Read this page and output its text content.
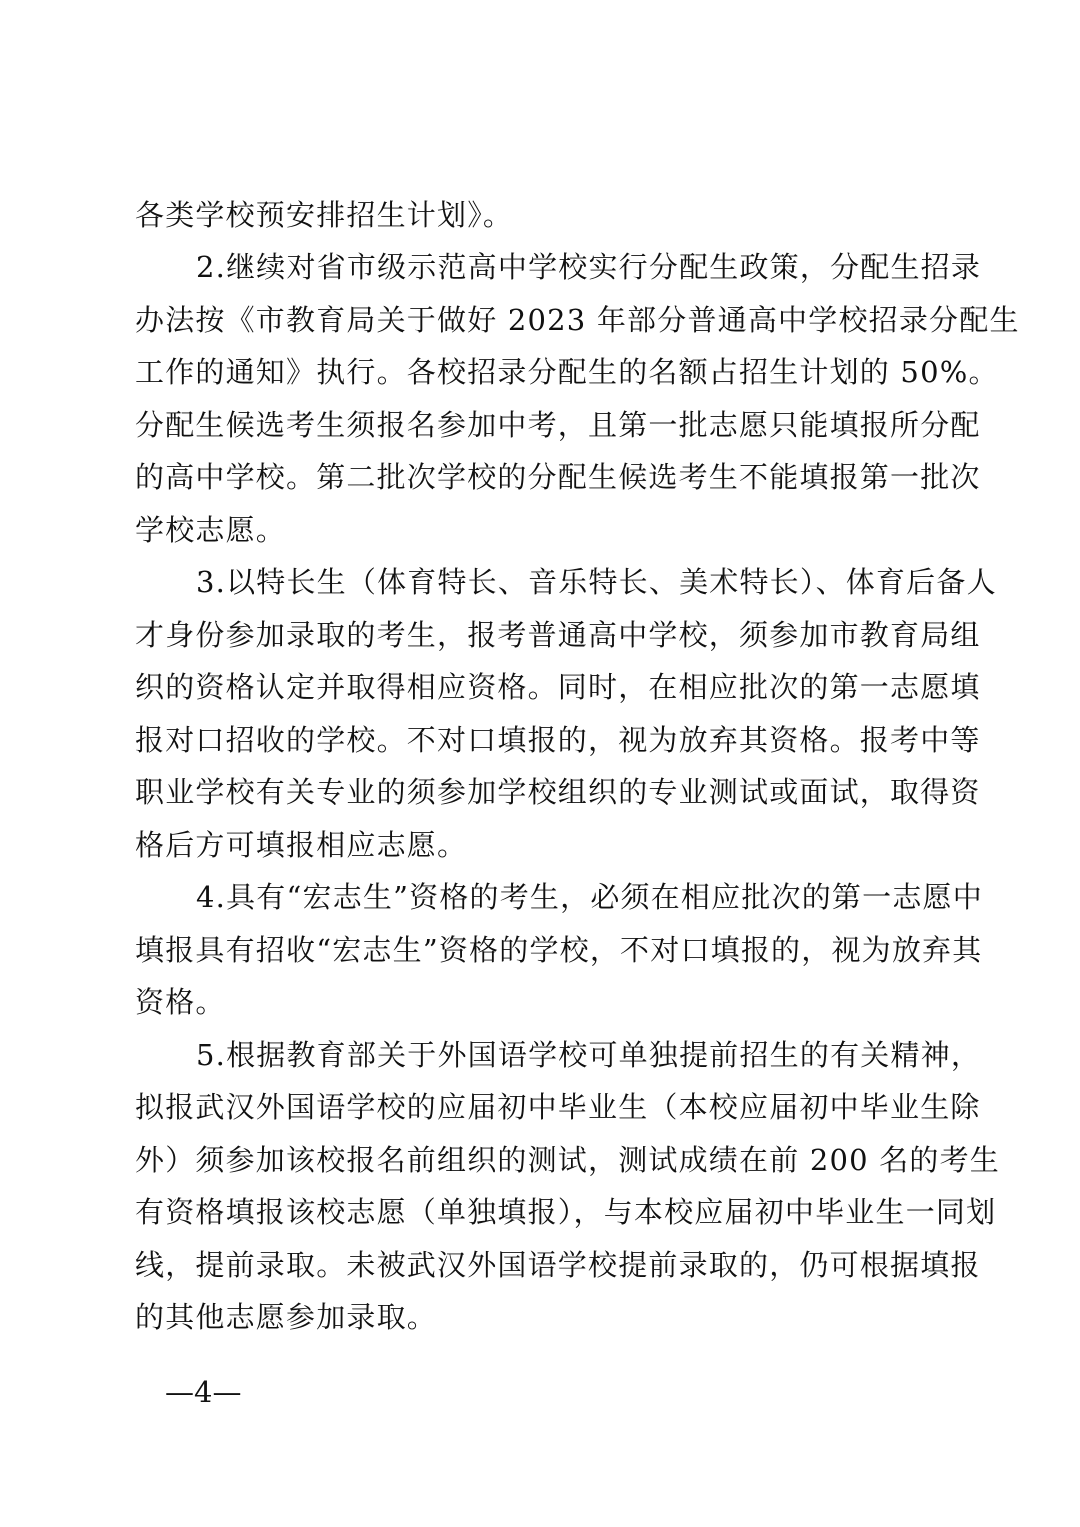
各类学校预安排招生计划》。
2.继续对省市级示范高中学校实行分配生政策，分配生招录
办法按《市教育局关于做好 2023 年部分普通高中学校招录分配生
工作的通知》执行。各校招录分配生的名额占招生计划的 50%。
分配生候选考生须报名参加中考，且第一批志愿只能填报所分配
的高中学校。第二批次学校的分配生候选考生不能填报第一批次
学校志愿。
3.以特长生（体育特长、音乐特长、美术特长）、体育后备人
才身份参加录取的考生，报考普通高中学校，须参加市教育局组
织的资格认定并取得相应资格。同时，在相应批次的第一志愿填
报对口招收的学校。不对口填报的，视为放弃其资格。报考中等
职业学校有关专业的须参加学校组织的专业测试或面试，取得资
格后方可填报相应志愿。
4.具有“宏志生”资格的考生，必须在相应批次的第一志愿中
填报具有招收“宏志生”资格的学校，不对口填报的，视为放弃其
资格。
5.根据教育部关于外国语学校可单独提前招生的有关精神，
拟报武汉外国语学校的应届初中毕业生（本校应届初中毕业生除
外）须参加该校报名前组织的测试，测试成绩在前 200 名的考生
有资格填报该校志愿（单独填报），与本校应届初中毕业生一同划
线，提前录取。未被武汉外国语学校提前录取的，仍可根据填报
的其他志愿参加录取。
—4—
